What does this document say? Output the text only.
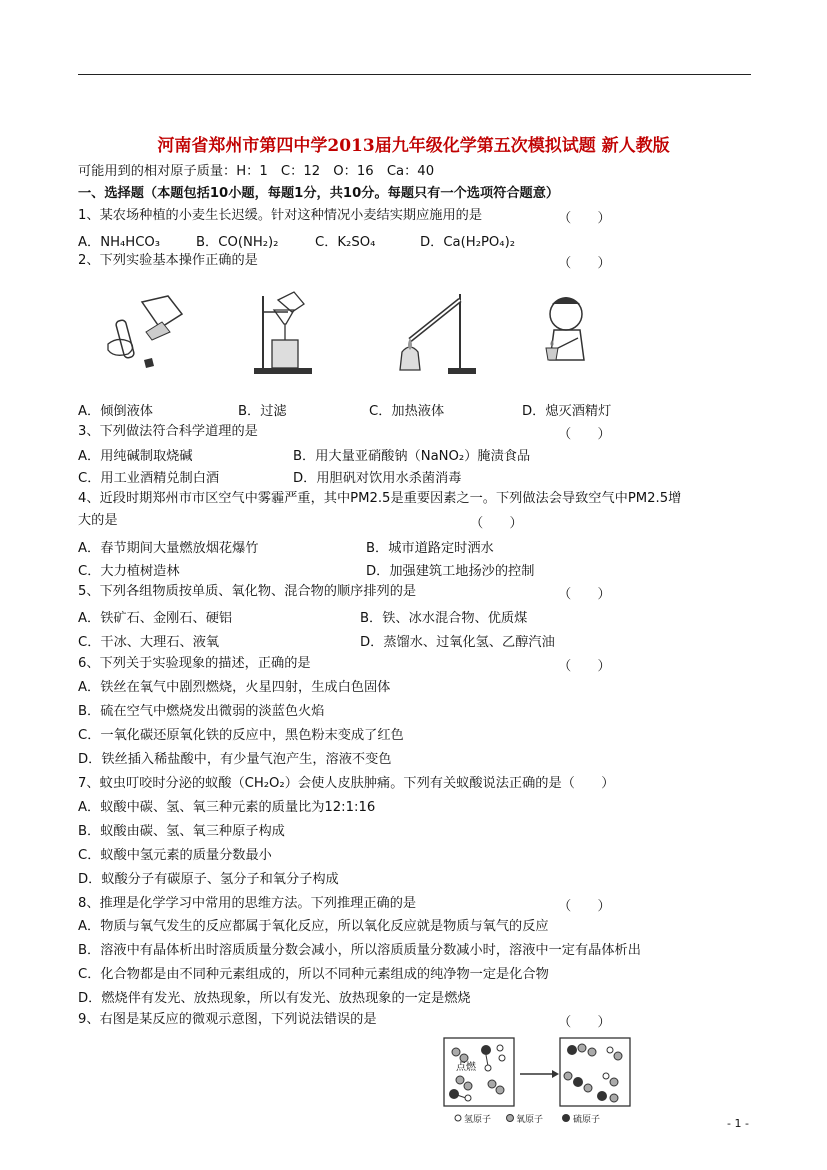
河南省郑州市第四中学2013届九年级化学第五次模拟试题 新人教版
可能用到的相对原子质量：H：1　C：12　O：16　Ca：40
一、选择题（本题包括10小题，每题1分，共10分。每题只有一个选项符合题意）
1、某农场种植的小麦生长迟缓。针对这种情况小麦结实期应施用的是	（　　）
A．NH₄HCO₃	B．CO(NH₂)₂	C．K₂SO₄	D．Ca(H₂PO₄)₂
2、下列实验基本操作正确的是	（　　）
A．倾倒液体	B．过滤	C．加热液体	D．熄灭酒精灯
3、下列做法符合科学道理的是	（　　）
A．用纯碱制取烧碱	B．用大量亚硝酸钠（NaNO₂）腌渍食品
C．用工业酒精兑制白酒	D．用胆矾对饮用水杀菌消毒
4、近段时期郑州市市区空气中雾霾严重，其中PM2.5是重要因素之一。下列做法会导致空气中PM2.5增
大的是	（　　）
A．春节期间大量燃放烟花爆竹	B．城市道路定时洒水
C．大力植树造林	D．加强建筑工地扬沙的控制
5、下列各组物质按单质、氧化物、混合物的顺序排列的是	（　　）
A．铁矿石、金刚石、硬铝	B．铁、冰水混合物、优质煤
C．干冰、大理石、液氧	D．蒸馏水、过氧化氢、乙醇汽油
6、下列关于实验现象的描述，正确的是	（　　）
A．铁丝在氧气中剧烈燃烧，火星四射，生成白色固体
B．硫在空气中燃烧发出微弱的淡蓝色火焰
C．一氧化碳还原氧化铁的反应中，黑色粉末变成了红色
D．铁丝插入稀盐酸中，有少量气泡产生，溶液不变色
7、蚊虫叮咬时分泌的蚁酸（CH₂O₂）会使人皮肤肿痛。下列有关蚁酸说法正确的是（　　）
A．蚁酸中碳、氢、氧三种元素的质量比为12:1:16
B．蚁酸由碳、氢、氧三种原子构成
C．蚁酸中氢元素的质量分数最小
D．蚁酸分子有碳原子、氢分子和氧分子构成
8、推理是化学学习中常用的思维方法。下列推理正确的是	（　　）
A．物质与氧气发生的反应都属于氧化反应，所以氧化反应就是物质与氧气的反应
B．溶液中有晶体析出时溶质质量分数会减小，所以溶质质量分数减小时，溶液中一定有晶体析出
C．化合物都是由不同种元素组成的，所以不同种元素组成的纯净物一定是化合物
D．燃烧伴有发光、放热现象，所以有发光、放热现象的一定是燃烧
9、右图是某反应的微观示意图，下列说法错误的是	（　　）
点燃
氢原子	氧原子	硫原子	- 1 -
